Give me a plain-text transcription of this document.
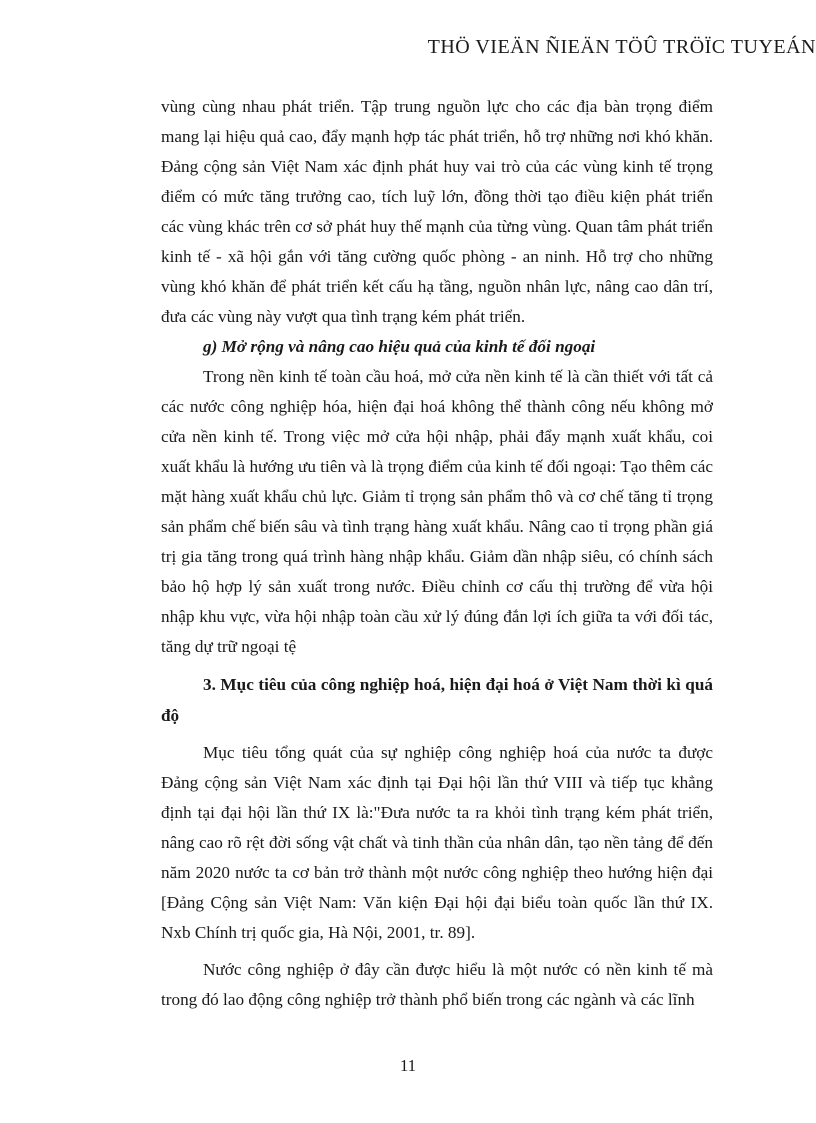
THÖ VIEÄN ÑIEÄN TÖÛ TRÖÏC TUYEÁN

vùng cùng nhau phát triển. Tập trung nguồn lực cho các địa bàn trọng điểm mang lại hiệu quả cao, đẩy mạnh hợp tác phát triển, hỗ trợ những nơi khó khăn. Đảng cộng sản Việt Nam xác định phát huy vai trò của các vùng kinh tế trọng điểm có mức tăng trưởng cao, tích luỹ lớn, đồng thời tạo điều kiện phát triển các vùng khác trên cơ sở phát huy thế mạnh của từng vùng. Quan tâm phát triển kinh tế - xã hội gắn với tăng cường quốc phòng - an ninh. Hỗ trợ cho những vùng khó khăn để phát triển kết cấu hạ tầng, nguồn nhân lực, nâng cao dân trí, đưa các vùng này vượt qua tình trạng kém phát triển.

g) Mở rộng và nâng cao hiệu quả của kinh tế đối ngoại

Trong nền kinh tế toàn cầu hoá, mở cửa nền kinh tế là cần thiết với tất cả các nước công nghiệp hóa, hiện đại hoá không thể thành công nếu không mở cửa nền kinh tế. Trong việc mở cửa hội nhập, phải đẩy mạnh xuất khẩu, coi xuất khẩu là hướng ưu tiên và là trọng điểm của kinh tế đối ngoại: Tạo thêm các mặt hàng xuất khẩu chủ lực. Giảm tỉ trọng sản phẩm thô và cơ chế tăng tỉ trọng sản phẩm chế biến sâu và tình trạng hàng xuất khẩu. Nâng cao tỉ trọng phần giá trị gia tăng trong quá trình hàng nhập khẩu. Giảm dần nhập siêu, có chính sách bảo hộ hợp lý sản xuất trong nước. Điều chỉnh cơ cấu thị trường để vừa hội nhập khu vực, vừa hội nhập toàn cầu xử lý đúng đắn lợi ích giữa ta với đối tác, tăng dự trữ ngoại tệ

3. Mục tiêu của công nghiệp hoá, hiện đại hoá ở Việt Nam thời kì quá độ

Mục tiêu tổng quát của sự nghiệp công nghiệp hoá của nước ta được Đảng cộng sản Việt Nam xác định tại Đại hội lần thứ VIII và tiếp tục khẳng định tại đại hội lần thứ IX là:"Đưa nước ta ra khỏi tình trạng kém phát triển, nâng cao rõ rệt đời sống vật chất và tinh thần của nhân dân, tạo nền tảng để đến năm 2020 nước ta cơ bản trở thành một nước công nghiệp theo hướng hiện đại [Đảng Cộng sản Việt Nam: Văn kiện Đại hội đại biểu toàn quốc lần thứ IX. Nxb Chính trị quốc gia, Hà Nội, 2001, tr. 89].

Nước công nghiệp ở đây cần được hiểu là một nước có nền kinh tế mà trong đó lao động công nghiệp trở thành phổ biến trong các ngành và các lĩnh

11
